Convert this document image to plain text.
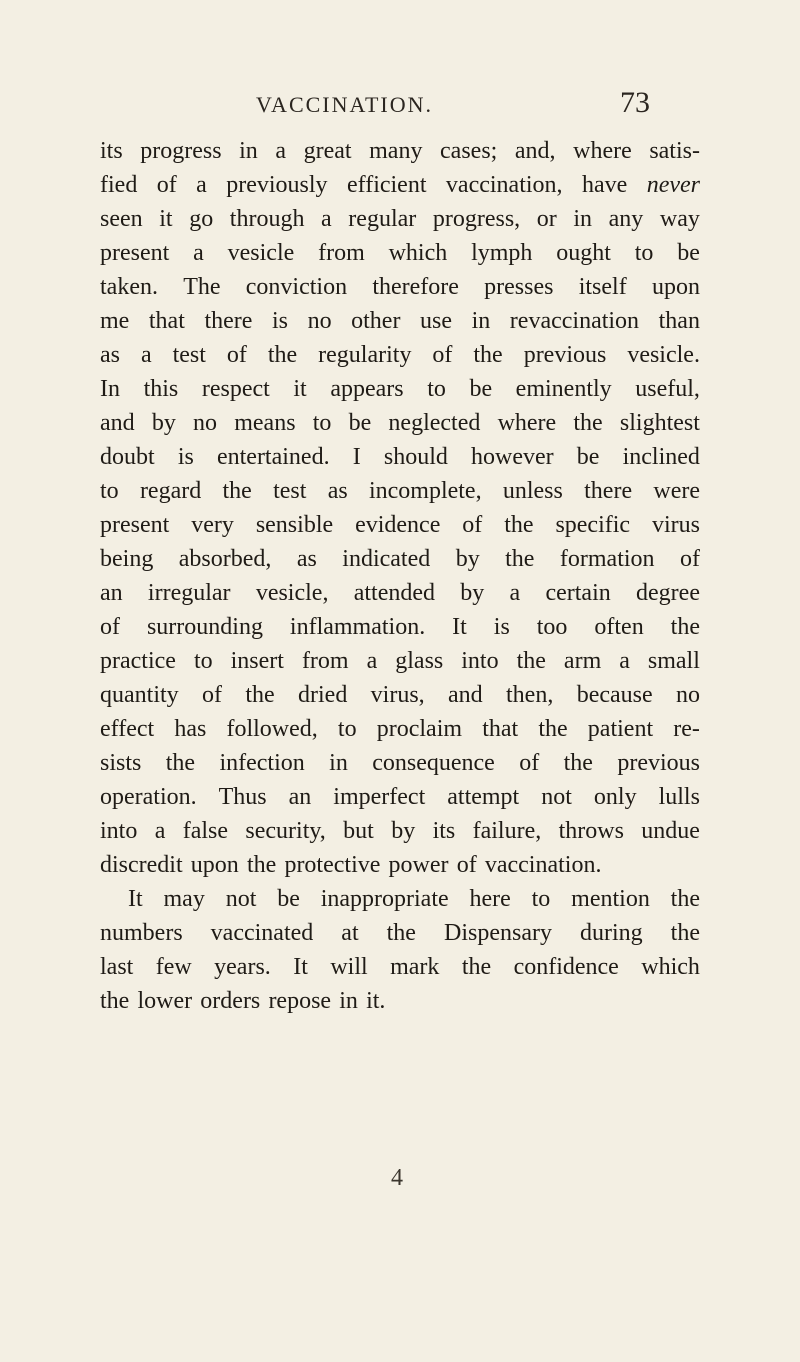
VACCINATION.	73
its progress in a great many cases; and, where satis-
fied of a previously efficient vaccination, have never
seen it go through a regular progress, or in any way
present a vesicle from which lymph ought to be
taken. The conviction therefore presses itself upon
me that there is no other use in revaccination than
as a test of the regularity of the previous vesicle.
In this respect it appears to be eminently useful,
and by no means to be neglected where the slightest
doubt is entertained. I should however be inclined
to regard the test as incomplete, unless there were
present very sensible evidence of the specific virus
being absorbed, as indicated by the formation of
an irregular vesicle, attended by a certain degree
of surrounding inflammation. It is too often the
practice to insert from a glass into the arm a small
quantity of the dried virus, and then, because no
effect has followed, to proclaim that the patient re-
sists the infection in consequence of the previous
operation. Thus an imperfect attempt not only lulls
into a false security, but by its failure, throws undue
discredit upon the protective power of vaccination.
It may not be inappropriate here to mention the
numbers vaccinated at the Dispensary during the
last few years. It will mark the confidence which
the lower orders repose in it.
4
